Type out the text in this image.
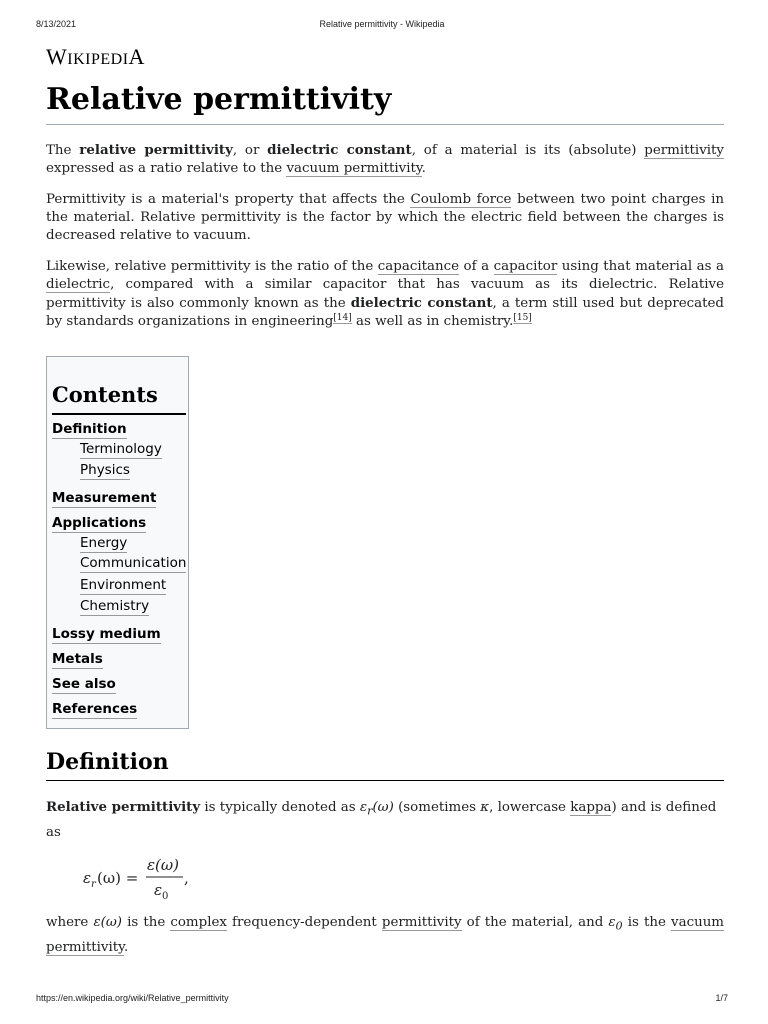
8/13/2021	Relative permittivity - Wikipedia
WIKIPEDIA
Relative permittivity

The relative permittivity, or dielectric constant, of a material is its (absolute) permittivity expressed as a ratio relative to the vacuum permittivity.

Permittivity is a material's property that affects the Coulomb force between two point charges in the material. Relative permittivity is the factor by which the electric field between the charges is decreased relative to vacuum.

Likewise, relative permittivity is the ratio of the capacitance of a capacitor using that material as a dielectric, compared with a similar capacitor that has vacuum as its dielectric. Relative permittivity is also commonly known as the dielectric constant, a term still used but deprecated by standards organizations in engineering[14] as well as in chemistry.[15]

Contents
Definition
Terminology
Physics
Measurement
Applications
Energy
Communication
Environment
Chemistry
Lossy medium
Metals
See also
References
Definition
Relative permittivity is typically denoted as $\varepsilon_r(\omega)$ (sometimes κ, lowercase kappa) and is defined as
ε r (ω) =
ε(ω)
ε 0
,
where ε(ω) is the complex frequency-dependent permittivity of the material, and $\varepsilon_0$ is the vacuum permittivity.
https://en.wikipedia.org/wiki/Relative_permittivity	1/7
